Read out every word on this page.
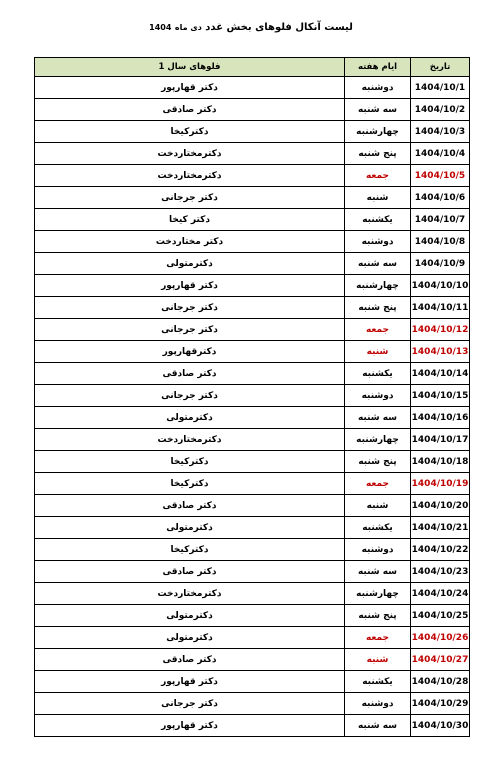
لیست آنکال فلوهای بخش غدد دی ماه 1404
فلوهای سال 1	ایام هفته	تاریخ
دکتر قهارپور	دوشنبه	1404/10/1
دکتر صادقی	سه شنبه	1404/10/2
دکترکیخا	چهارشنبه	1404/10/3
دکترمختاردخت	پنج شنبه	1404/10/4
دکترمختاردخت	جمعه	1404/10/5
دکتر جرجانی	شنبه	1404/10/6
دکتر کیخا	یکشنبه	1404/10/7
دکتر مختاردخت	دوشنبه	1404/10/8
دکترمتولی	سه شنبه	1404/10/9
دکتر قهارپور	چهارشنبه	1404/10/10
دکتر جرجانی	پنج شنبه	1404/10/11
دکتر جرجانی	جمعه	1404/10/12
دکترقهارپور	شنبه	1404/10/13
دکتر صادقی	یکشنبه	1404/10/14
دکتر جرجانی	دوشنبه	1404/10/15
دکترمتولی	سه شنبه	1404/10/16
دکترمختاردخت	چهارشنبه	1404/10/17
دکترکیخا	پنج شنبه	1404/10/18
دکترکیخا	جمعه	1404/10/19
دکتر صادقی	شنبه	1404/10/20
دکترمتولی	یکشنبه	1404/10/21
دکترکیخا	دوشنبه	1404/10/22
دکتر صادقی	سه شنبه	1404/10/23
دکترمختاردخت	چهارشنبه	1404/10/24
دکترمتولی	پنج شنبه	1404/10/25
دکترمتولی	جمعه	1404/10/26
دکتر صادقی	شنبه	1404/10/27
دکتر قهارپور	یکشنبه	1404/10/28
دکتر جرجانی	دوشنبه	1404/10/29
دکتر قهارپور	سه شنبه	1404/10/30
